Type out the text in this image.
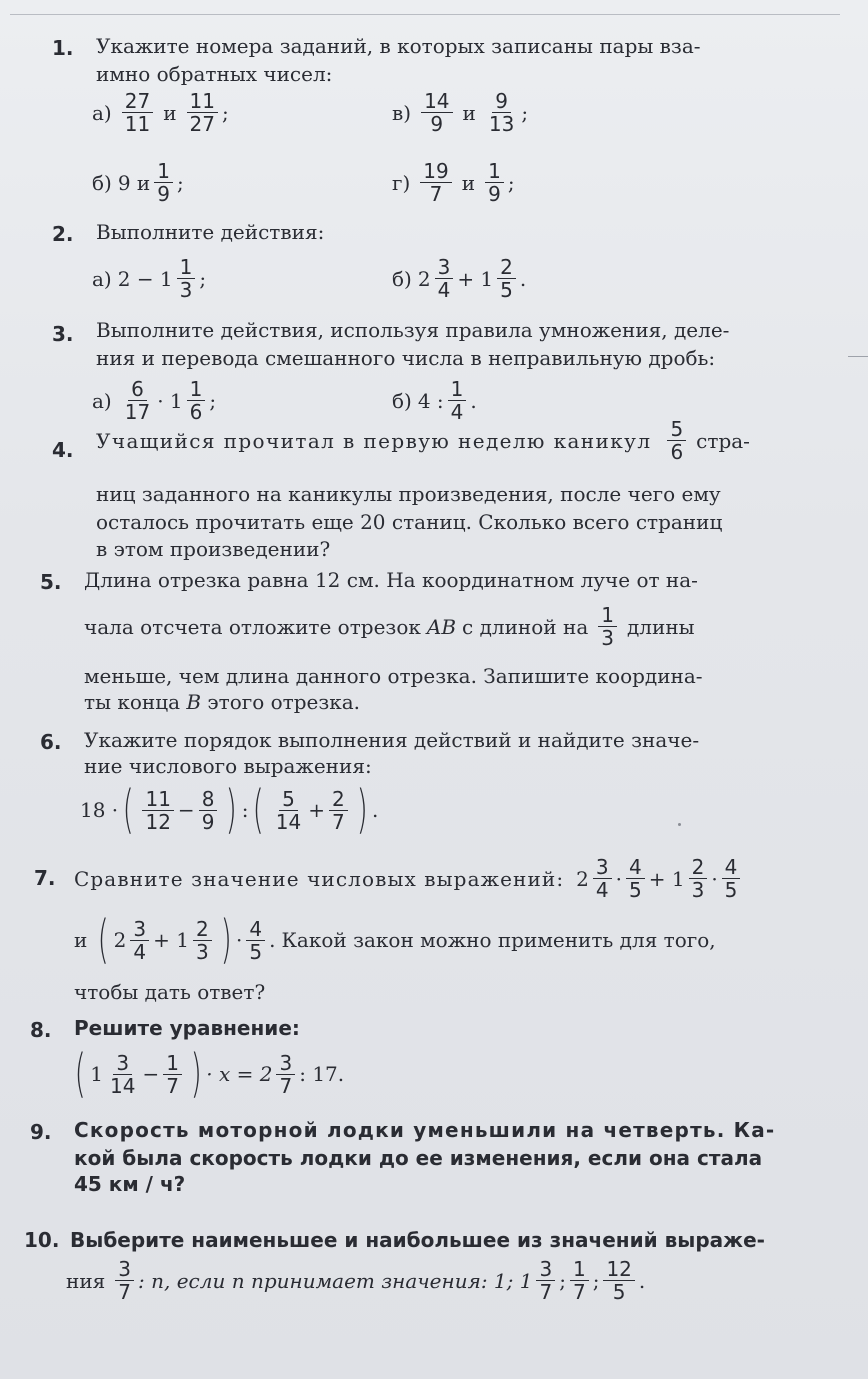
1. Укажите номера заданий, в которых записаны пары вза-
имно обратных чисел:
$а) \frac{27}{11}$ и $\frac{11}{27}$ ;	$в) \frac{14}{9}$ и $\frac{9}{13}$ ;
б) 9 и $\frac{1}{9}$ ;	$г) \frac{19}{7}$ и $\frac{1}{9}$ ;
2. Выполните действия:
а) $2 - 1 \frac{1}{3}$ ;	б) $2 \frac{3}{4} + 1 \frac{2}{5}$ .
3. Выполните действия, используя правила умножения, деле-
ния и перевода смешанного числа в неправильную дробь:
$а) \frac{6}{17} \cdot 1 \frac{1}{6}$ ;	б) 4 : $\frac{1}{4}$ .
4. Учащийся прочитал в первую неделю каникул $\frac{5}{6}$ стра-
ниц заданного на каникулы произведения, после чего ему
осталось прочитать еще 20 станиц. Сколько всего страниц
в этом произведении?
5. Длина отрезка равна 12 см. На координатном луче от на-
чала отсчета отложите отрезок AB с длиной на $\frac{1}{3}$ длины
меньше, чем длина данного отрезка. Запишите координа-
ты конца B этого отрезка.
6. Укажите порядок выполнения действий и найдите значе-
ние числового выражения:
18 · ( $\frac{11}{12} - \frac{8}{9}$ ) : ( $\frac{5}{14} + \frac{2}{7}$ ) .
7. Сравните значение числовых выражений: $2 \frac{3}{4} \cdot \frac{4}{5} + 1 \frac{2}{3} \cdot \frac{4}{5}$
и ( $2 \frac{3}{4} + 1 \frac{2}{3}$ ) · $\frac{4}{5}$ . Какой закон можно применить для того,
чтобы дать ответ?
8. Решите уравнение:
( $1 \frac{3}{14} - \frac{1}{7}$ ) · $x = 2 \frac{3}{7}$ : 17.
9. Скорость моторной лодки уменьшили на четверть. Ка-
кой была скорость лодки до ее изменения, если она стала
45 км / ч?
10. Выберите наименьшее и наибольшее из значений выраже-
ния $\frac{3}{7}$ : n, если n принимает значения: 1; $1 \frac{3}{7}$ ; $\frac{1}{7}$ ; $\frac{12}{5}$ .
